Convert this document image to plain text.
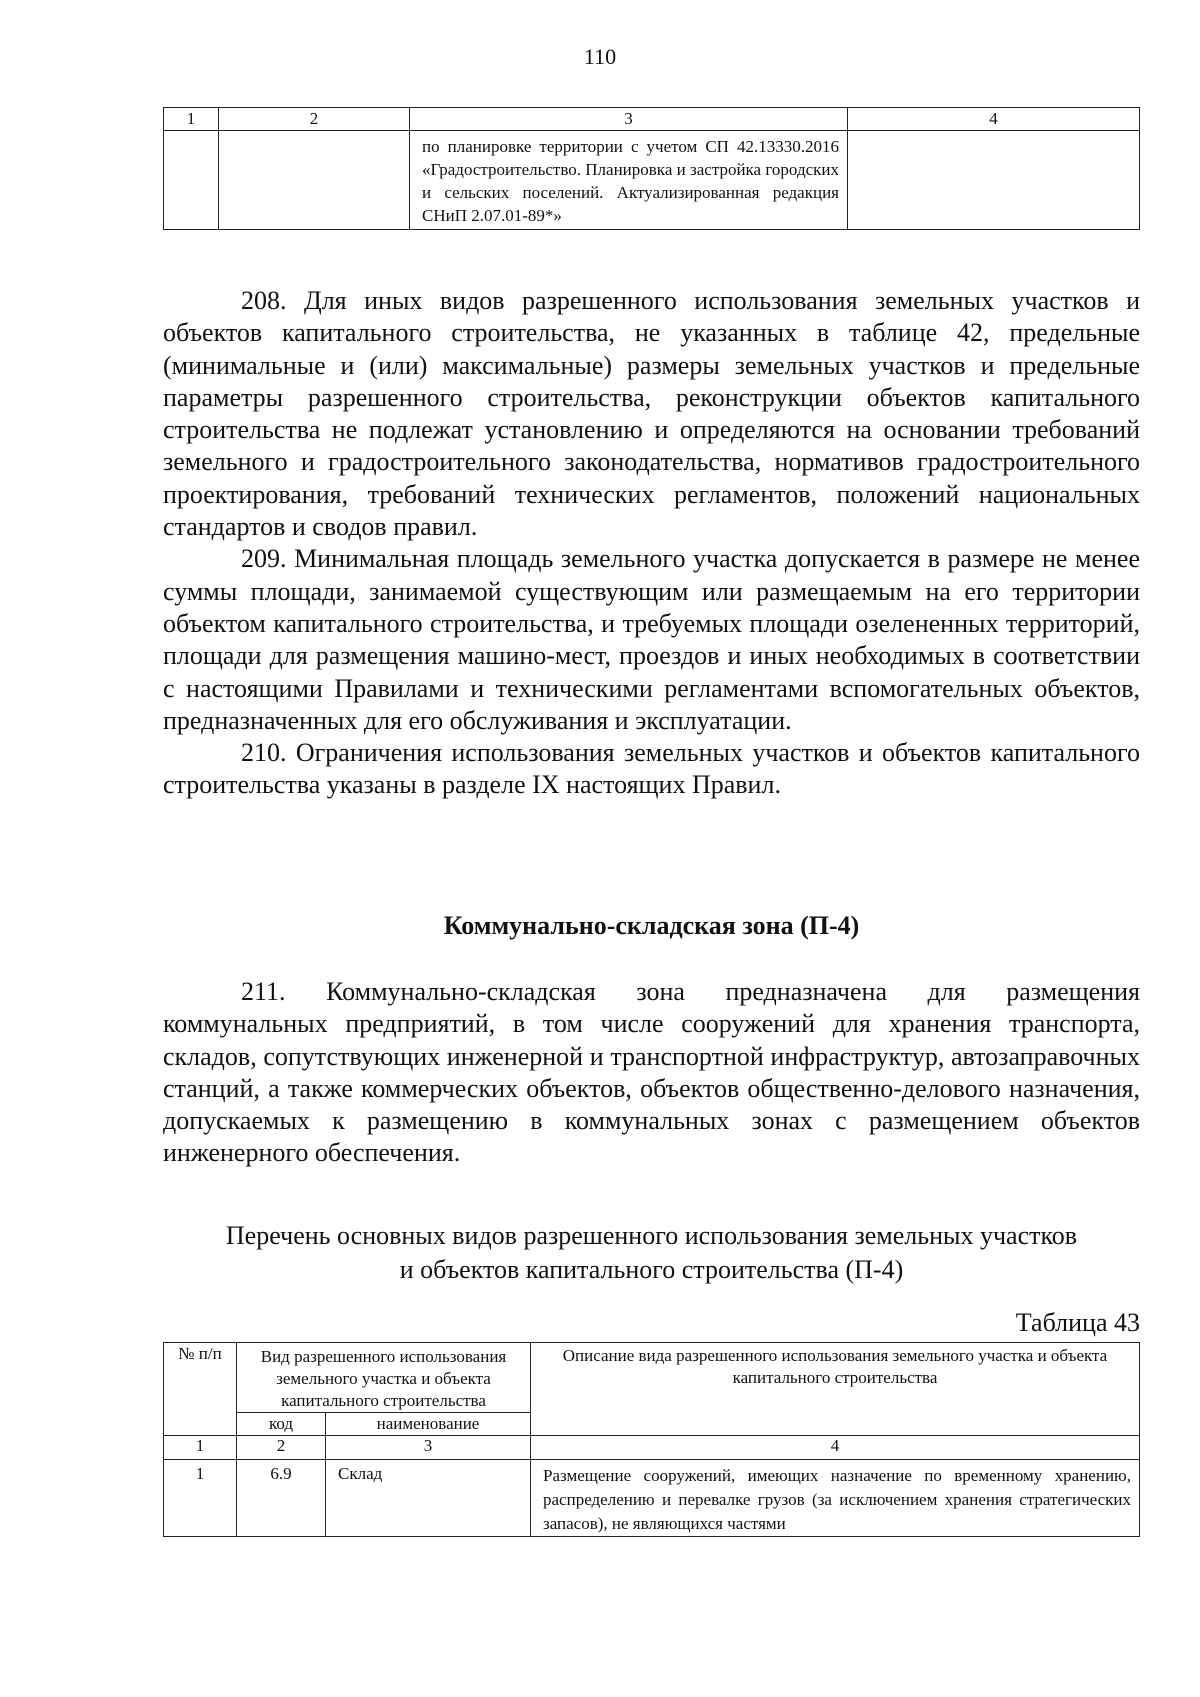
110
1	2	3	4
		по планировке территории с учетом СП 42.13330.2016 «Градостроительство. Планировка и застройка городских и сельских поселений. Актуализированная редакция СНиП 2.07.01-89*»	

208. Для иных видов разрешенного использования земельных участков и объектов капитального строительства, не указанных в таблице 42, предельные (минимальные и (или) максимальные) размеры земельных участков и предельные параметры разрешенного строительства, реконструкции объектов капитального строительства не подлежат установлению и определяются на основании требований земельного и градостроительного законодательства, нормативов градостроительного проектирования, требований технических регламентов, положений национальных стандартов и сводов правил.

209. Минимальная площадь земельного участка допускается в размере не менее суммы площади, занимаемой существующим или размещаемым на его территории объектом капитального строительства, и требуемых площади озелененных территорий, площади для размещения машино-мест, проездов и иных необходимых в соответствии с настоящими Правилами и техническими регламентами вспомогательных объектов, предназначенных для его обслуживания и эксплуатации.

210. Ограничения использования земельных участков и объектов капитального строительства указаны в разделе IX настоящих Правил.

Коммунально-складская зона (П-4)

211. Коммунально-складская зона предназначена для размещения коммунальных предприятий, в том числе сооружений для хранения транспорта, складов, сопутствующих инженерной и транспортной инфраструктур, автозаправочных станций, а также коммерческих объектов, объектов общественно-делового назначения, допускаемых к размещению в коммунальных зонах с размещением объектов инженерного обеспечения.

Перечень основных видов разрешенного использования земельных участков
и объектов капитального строительства (П-4)
Таблица 43
№ п/п	Вид разрешенного использования земельного участка и объекта капитального строительства		Описание вида разрешенного использования земельного участка и объекта капитального строительства
	код	наименование	
1	2	3	4
1	6.9	Склад	Размещение сооружений, имеющих назначение по временному хранению, распределению и перевалке грузов (за исключением хранения стратегических запасов), не являющихся частями
